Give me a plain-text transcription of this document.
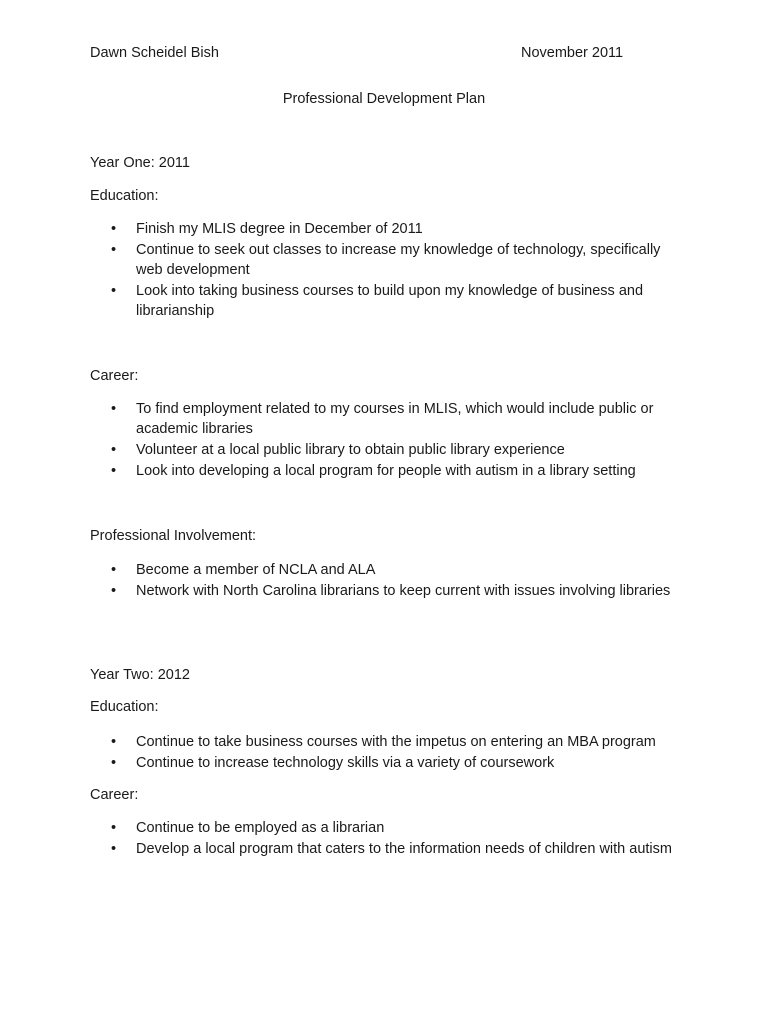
Dawn Scheidel Bish	November 2011
Professional Development Plan
Year One: 2011
Education:
• Finish my MLIS degree in December of 2011
• Continue to seek out classes to increase my knowledge of technology, specifically web development
• Look into taking business courses to build upon my knowledge of business and librarianship
Career:
• To find employment related to my courses in MLIS, which would include public or academic libraries
• Volunteer at a local public library to obtain public library experience
• Look into developing a local program for people with autism in a library setting
Professional Involvement:
• Become a member of NCLA and ALA
• Network with North Carolina librarians to keep current with issues involving libraries
Year Two: 2012
Education:
• Continue to take business courses with the impetus on entering an MBA program
• Continue to increase technology skills via a variety of coursework
Career:
• Continue to be employed as a librarian
• Develop a local program that caters to the information needs of children with autism
